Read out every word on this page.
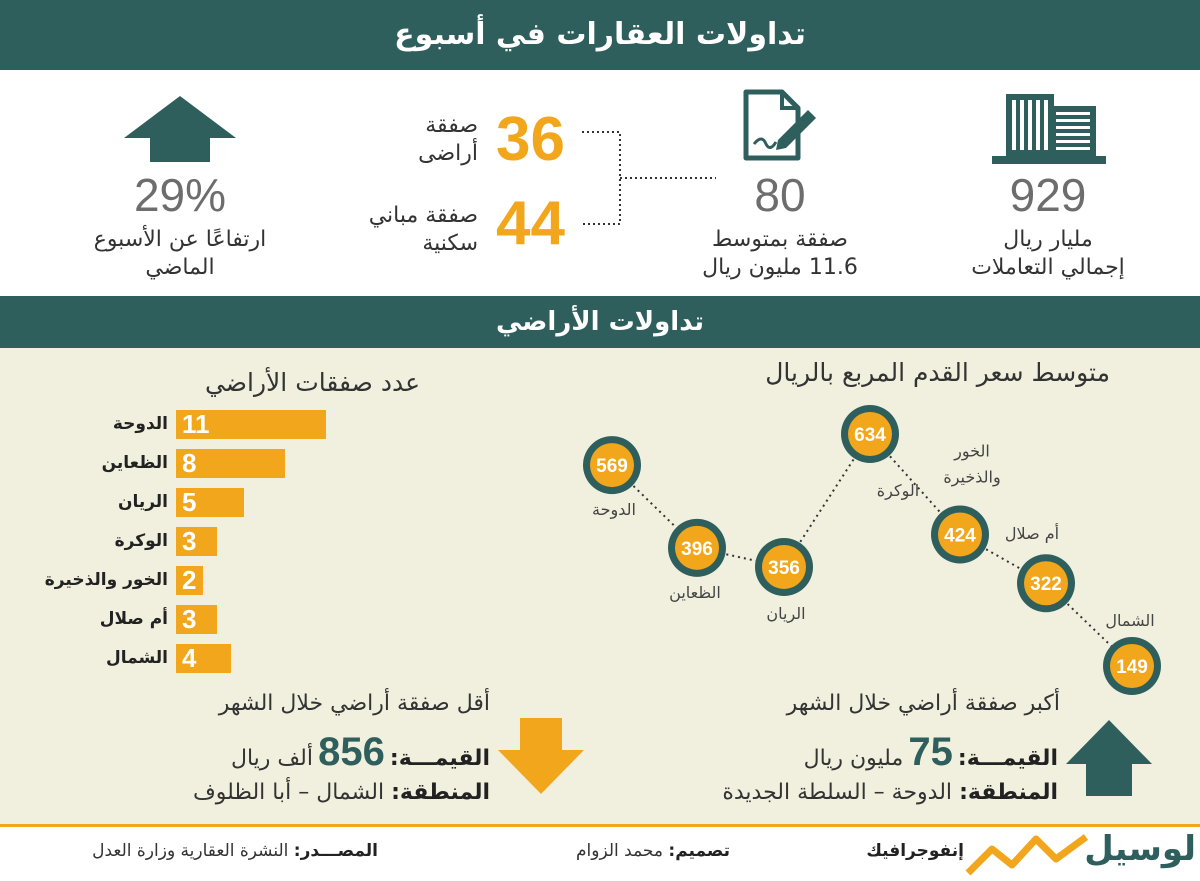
تداولات العقارات في أسبوع
929
مليار ريال
إجمالي التعاملات
80
صفقة بمتوسط
11.6 مليون ريال
36
صفقة
أراضى
44
صفقة مباني
سكنية
29%
ارتفاعًا عن الأسبوع
الماضي
تداولات الأراضي
عدد صفقات الأراضي
الدوحة 11
الظعاين 8
الريان 5
الوكرة 3
الخور والذخيرة 2
أم صلال 3
الشمال 4
متوسط سعر القدم المربع بالريال
569
396
356
634
424
322
149
الدوحة
الظعاين
الريان
الوكرة
الخور والذخيرة
أم صلال
الشمال
أقل صفقة أراضي خلال الشهر
القيمـــة: 856 ألف ريال
المنطقة: الشمال – أبا الظلوف
أكبر صفقة أراضي خلال الشهر
القيمـــة: 75 مليون ريال
المنطقة: الدوحة – السلطة الجديدة
لوسيل
إنفوجرافيك
تصميم: محمد الزوام
المصـــدر: النشرة العقارية وزارة العدل
